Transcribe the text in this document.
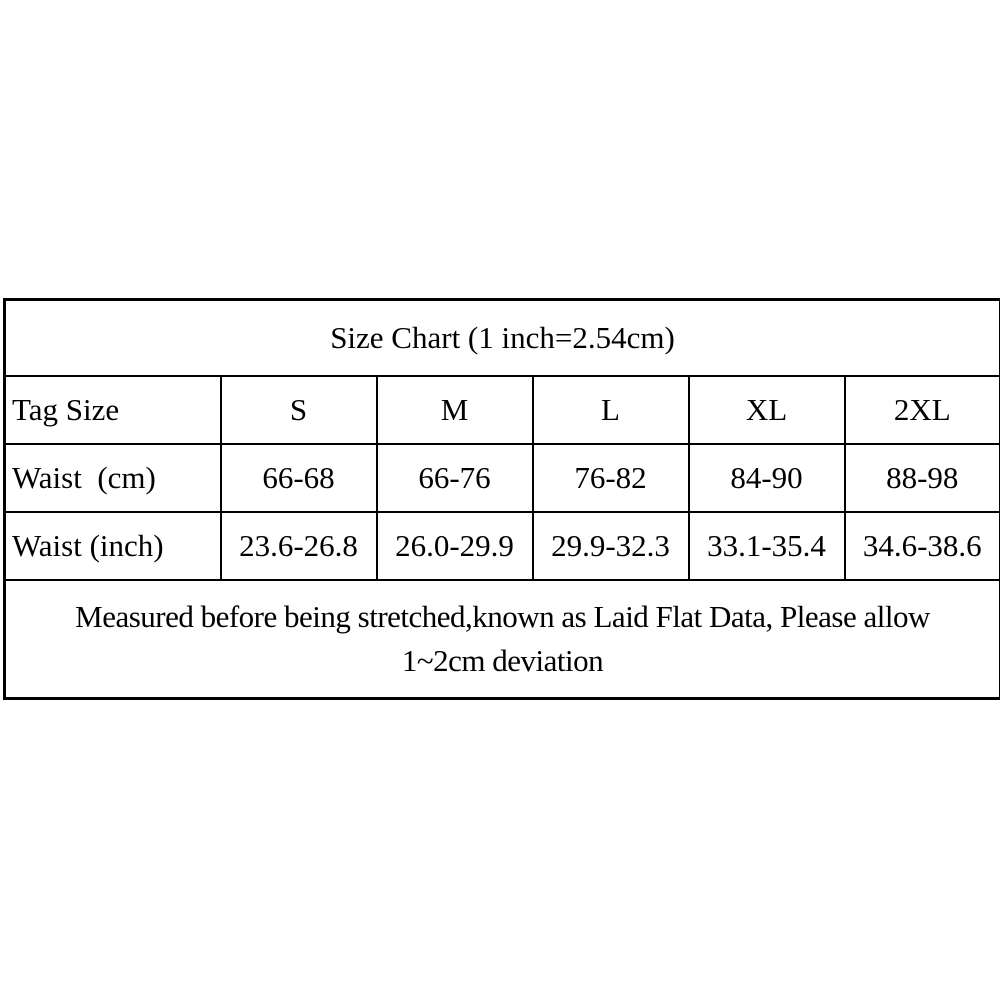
Size Chart (1 inch=2.54cm)					
Tag Size	S	M	L	XL	2XL
Waist  (cm)	66-68	66-76	76-82	84-90	88-98
Waist (inch)	23.6-26.8	26.0-29.9	29.9-32.3	33.1-35.4	34.6-38.6

Measured before being stretched,known as Laid Flat Data, Please allow
1~2cm deviation					
